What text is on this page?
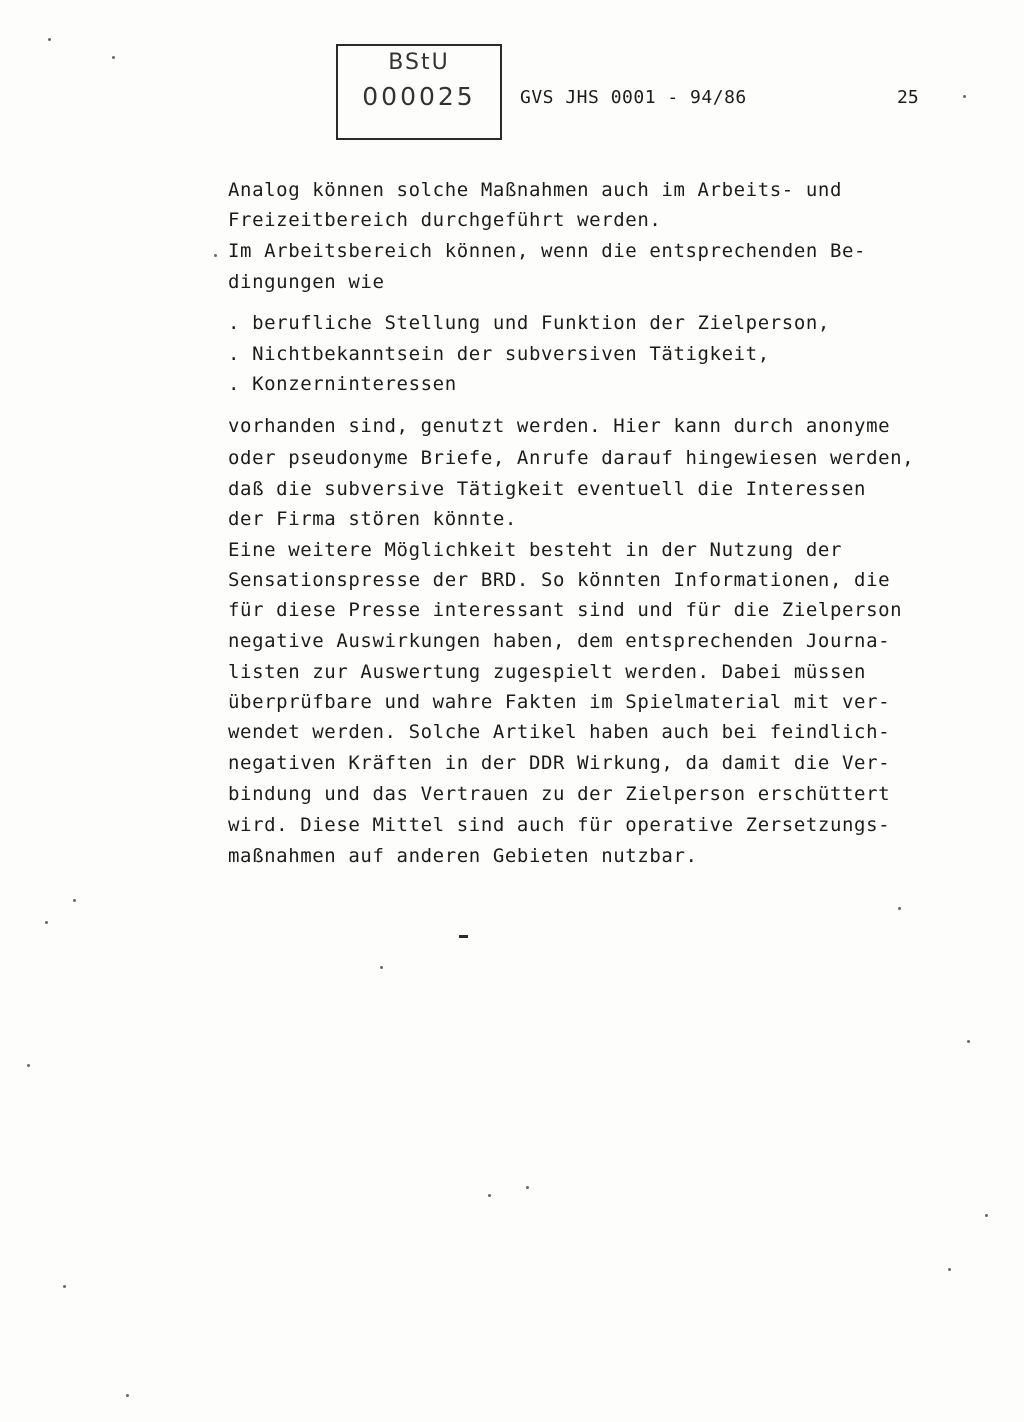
BStU
000025	GVS JHS 0001 - 94/86	25
Analog können solche Maßnahmen auch im Arbeits- und
Freizeitbereich durchgeführt werden.
Im Arbeitsbereich können, wenn die entsprechenden Be-
dingungen wie
. berufliche Stellung und Funktion der Zielperson,
. Nichtbekanntsein der subversiven Tätigkeit,
. Konzerninteressen
vorhanden sind, genutzt werden. Hier kann durch anonyme
oder pseudonyme Briefe, Anrufe darauf hingewiesen werden,
daß die subversive Tätigkeit eventuell die Interessen
der Firma stören könnte.
Eine weitere Möglichkeit besteht in der Nutzung der
Sensationspresse der BRD. So könnten Informationen, die
für diese Presse interessant sind und für die Zielperson
negative Auswirkungen haben, dem entsprechenden Journa-
listen zur Auswertung zugespielt werden. Dabei müssen
überprüfbare und wahre Fakten im Spielmaterial mit ver-
wendet werden. Solche Artikel haben auch bei feindlich-
negativen Kräften in der DDR Wirkung, da damit die Ver-
bindung und das Vertrauen zu der Zielperson erschüttert
wird. Diese Mittel sind auch für operative Zersetzungs-
maßnahmen auf anderen Gebieten nutzbar.
